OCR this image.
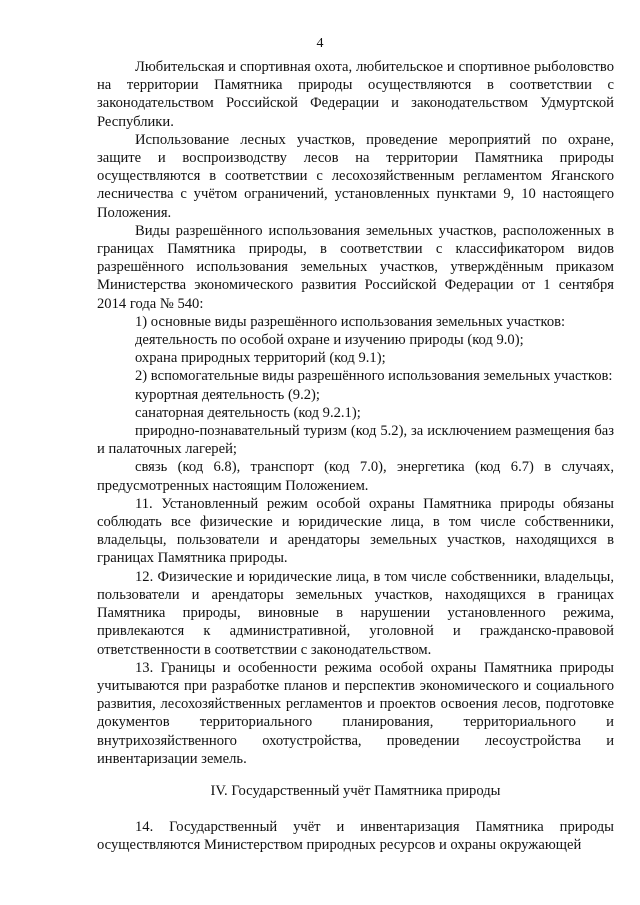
4

Любительская и спортивная охота, любительское и спортивное рыболовство на территории Памятника природы осуществляются в соответствии с законодательством Российской Федерации и законодательством Удмуртской Республики.

Использование лесных участков, проведение мероприятий по охране, защите и воспроизводству лесов на территории Памятника природы осуществляются в соответствии с лесохозяйственным регламентом Яганского лесничества с учётом ограничений, установленных пунктами 9, 10 настоящего Положения.

Виды разрешённого использования земельных участков, расположенных в границах Памятника природы, в соответствии с классификатором видов разрешённого использования земельных участков, утверждённым приказом Министерства экономического развития Российской Федерации от 1 сентября 2014 года № 540:

1) основные виды разрешённого использования земельных участков:

деятельность по особой охране и изучению природы (код 9.0);

охрана природных территорий (код 9.1);

2) вспомогательные виды разрешённого использования земельных участков:

курортная деятельность (9.2);

санаторная деятельность (код 9.2.1);

природно-познавательный туризм (код 5.2), за исключением размещения баз и палаточных лагерей;

связь (код 6.8), транспорт (код 7.0), энергетика (код 6.7) в случаях, предусмотренных настоящим Положением.

11. Установленный режим особой охраны Памятника природы обязаны соблюдать все физические и юридические лица, в том числе собственники, владельцы, пользователи и арендаторы земельных участков, находящихся в границах Памятника природы.

12. Физические и юридические лица, в том числе собственники, владельцы, пользователи и арендаторы земельных участков, находящихся в границах Памятника природы, виновные в нарушении установленного режима, привлекаются к административной, уголовной и гражданско-правовой ответственности в соответствии с законодательством.

13. Границы и особенности режима особой охраны Памятника природы учитываются при разработке планов и перспектив экономического и социального развития, лесохозяйственных регламентов и проектов освоения лесов, подготовке документов территориального планирования, территориального и внутрихозяйственного охотустройства, проведении лесоустройства и инвентаризации земель.

IV. Государственный учёт Памятника природы

14. Государственный учёт и инвентаризация Памятника природы осуществляются Министерством природных ресурсов и охраны окружающей
